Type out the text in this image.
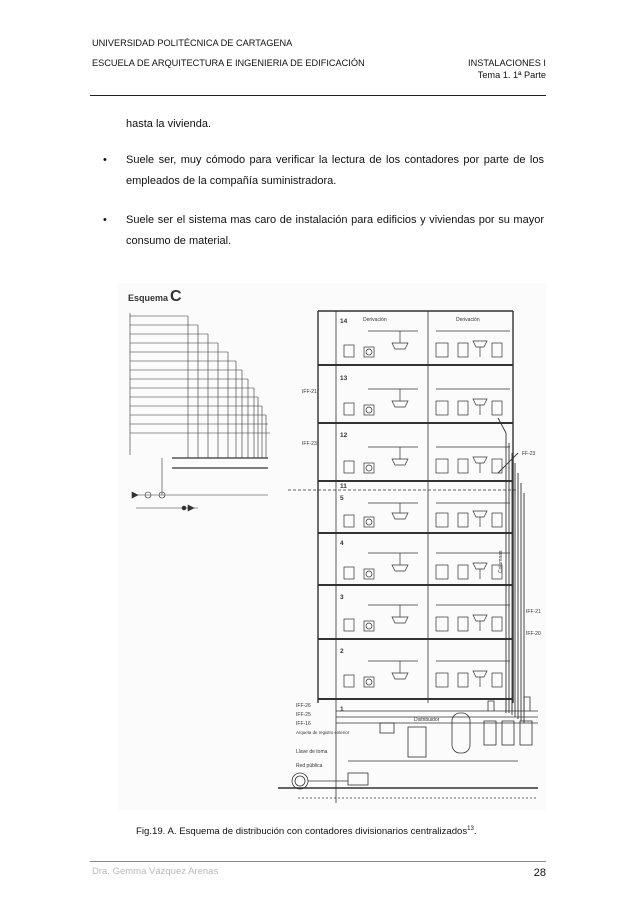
UNIVERSIDAD POLITÉCNICA DE CARTAGENA
ESCUELA DE ARQUITECTURA E INGENIERIA DE EDIFICACIÓN	INSTALACIONES I
Tema 1. 1ª Parte
hasta la vivienda.
• Suele ser, muy cómodo para verificar la lectura de los contadores por parte de los empleados de la compañía suministradora.
• Suele ser el sistema mas caro de instalación para edificios y viviendas por su mayor consumo de material.
Esquema C
14
13
12
11
5
4
3
2
1
Derivación	Derivación
Distribuidor
IFF-21
IFF-23
FF-23
IFF-21
IFF-20
IFF-26
IFF-25
IFF-16
Arqueta de registro exterior
Llave de toma
Red pública
Columnas
Fig.19. A. Esquema de distribución con contadores divisionarios centralizados$^{13}$.
Dra. Gemma Vázquez Arenas	28
